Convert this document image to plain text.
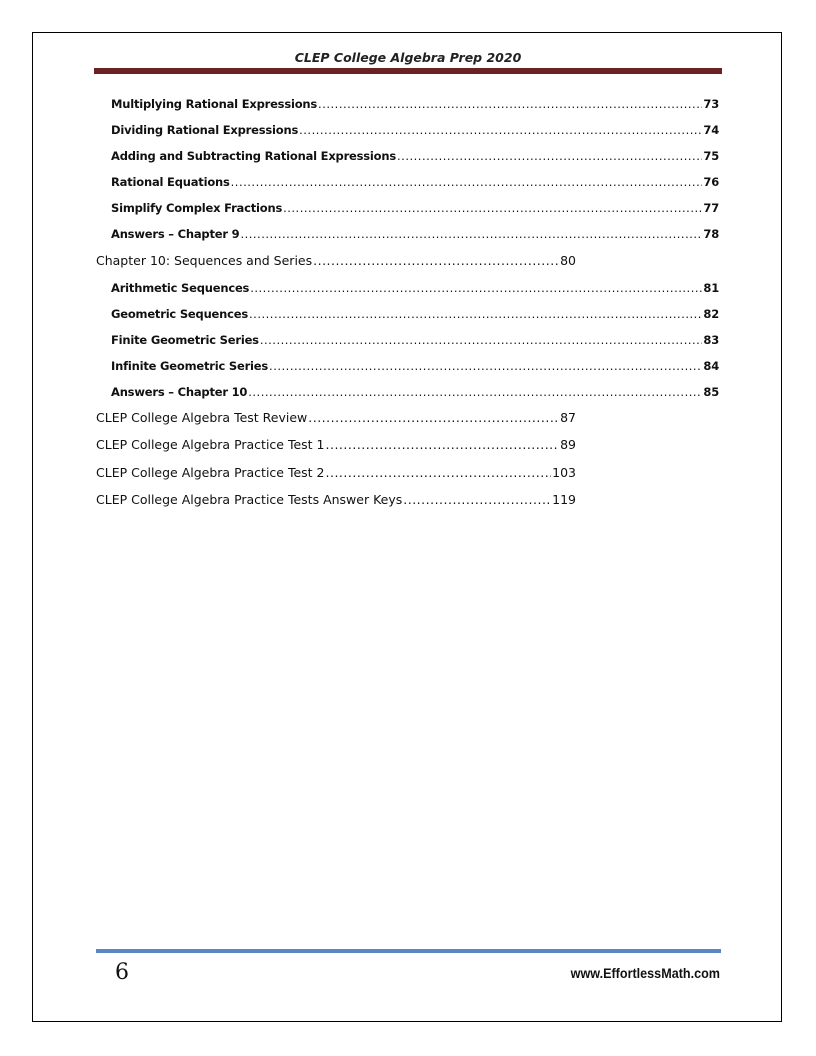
CLEP College Algebra Prep 2020
Multiplying Rational Expressions .....	73
Dividing Rational Expressions .....	74
Adding and Subtracting Rational Expressions .....	75
Rational Equations .....	76
Simplify Complex Fractions .....	77
Answers – Chapter 9 .....	78
Chapter 10: Sequences and Series .....	80
Arithmetic Sequences .....	81
Geometric Sequences .....	82
Finite Geometric Series .....	83
Infinite Geometric Series .....	84
Answers – Chapter 10 .....	85
CLEP College Algebra Test Review .....	87
CLEP College Algebra Practice Test 1 .....	89
CLEP College Algebra Practice Test 2 .....	103
CLEP College Algebra Practice Tests Answer Keys .....	119
6	www.EffortlessMath.com
